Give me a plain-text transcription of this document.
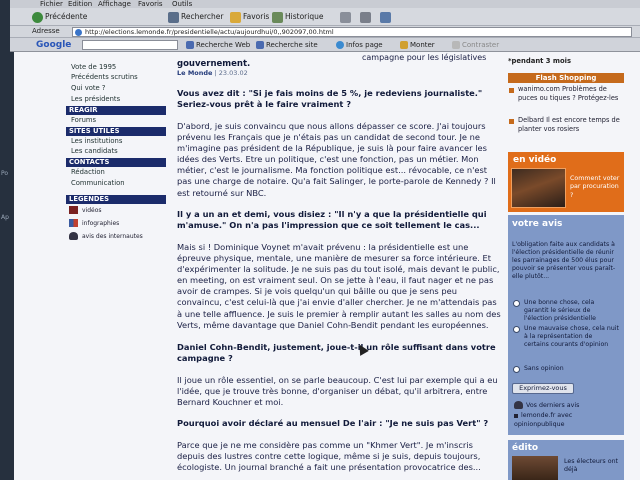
Po
Ap
Fichier Edition Affichage Favoris Outils
Précédente	Rechercher	Favoris Historique
Adresse	http://elections.lemonde.fr/presidentielle/actu/aujourdhui/0,,902097,00.html
Google	Recherche Web Recherche site	Infos page	Monter	Contraster
Vote de 1995
Précédents scrutins
Qui vote ?
Les présidents
REAGIR
Forums
SITES UTILES
Les institutions
Les candidats
CONTACTS
Rédaction
Communication
LEGENDES
vidéos
infographies
avis des internautes
campagne pour les législatives
gouvernement.
Le Monde | 23.03.02

Vous avez dit : "Si je fais moins de 5 %, je redeviens journaliste." Seriez-vous prêt à le faire vraiment ?

D'abord, je suis convaincu que nous allons dépasser ce score. J'ai toujours prévenu les Français que je n'étais pas un candidat de second tour. Je ne m'imagine pas président de la République, je suis là pour faire avancer les idées des Verts. Etre un politique, c'est une fonction, pas un métier. Mon métier, c'est le journalisme. Ma fonction politique est... révocable, ce n'est pas une charge de notaire. Qu'a fait Salinger, le porte-parole de Kennedy ? Il est retourné sur NBC.

Il y a un an et demi, vous disiez : "Il n'y a que la présidentielle qui m'amuse." On n'a pas l'impression que ce soit tellement le cas...

Mais si ! Dominique Voynet m'avait prévenu : la présidentielle est une épreuve physique, mentale, une manière de mesurer sa force intérieure. Et d'expérimenter la solitude. Je ne suis pas du tout isolé, mais devant le public, en meeting, on est vraiment seul. On se jette à l'eau, il faut nager et ne pas avoir de crampes. Si je vois quelqu'un qui bâille ou que je sens peu convaincu, c'est celui-là que j'ai envie d'aller chercher. Je ne m'attendais pas à une telle affluence. Je suis le premier à remplir autant les salles au nom des Verts, même davantage que Daniel Cohn-Bendit pendant les européennes.

Daniel Cohn-Bendit, justement, joue-t-il un rôle suffisant dans votre campagne ?

Il joue un rôle essentiel, on se parle beaucoup. C'est lui par exemple qui a eu l'idée, que je trouve très bonne, d'organiser un débat, qu'il arbitrera, entre Bernard Kouchner et moi.

Pourquoi avoir déclaré au mensuel De l'air : "Je ne suis pas Vert" ?

Parce que je ne me considère pas comme un "Khmer Vert". Je m'inscris depuis des lustres contre cette logique, même si je suis, depuis toujours, écologiste. Un journal branché a fait une présentation provocatrice des...

*pendant 3 mois
Flash Shopping
wanimo.com Problèmes de puces ou tiques ? Protégez-les
Delbard Il est encore temps de planter vos rosiers
en vidéo
Comment voter par procuration ?
votre avis
L'obligation faite aux candidats à l'élection présidentielle de réunir les parrainages de 500 élus pour pouvoir se présenter vous paraît-elle plutôt...
Une bonne chose, cela garantit le sérieux de l'élection présidentielle
Une mauvaise chose, cela nuit à la représentation de certains courants d'opinion
Sans opinion
Exprimez-vous
Vos derniers avis
lemonde.fr avec
opinionpublique
édito
Les électeurs ont déjà
